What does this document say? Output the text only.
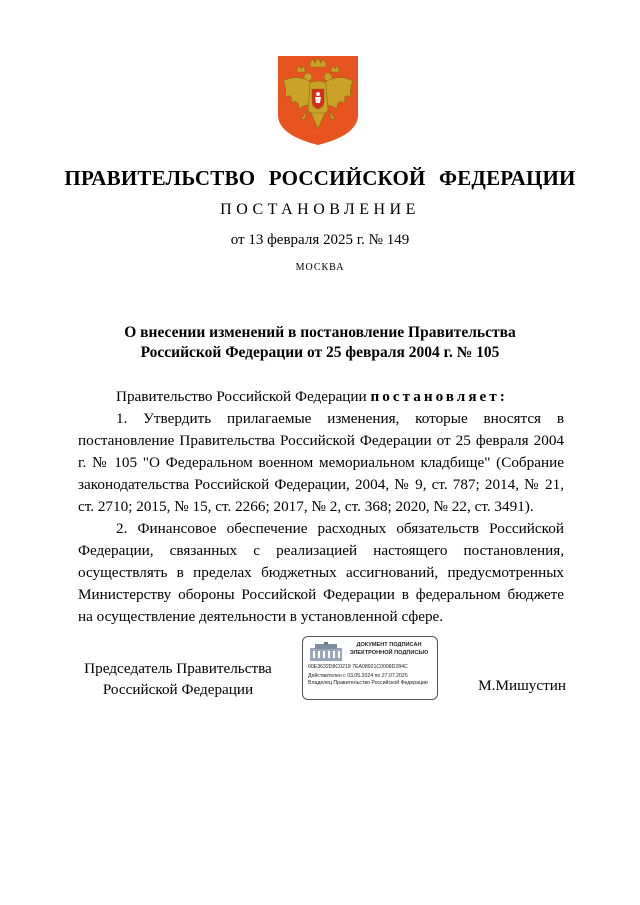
ПРАВИТЕЛЬСТВО РОССИЙСКОЙ ФЕДЕРАЦИИ
ПОСТАНОВЛЕНИЕ
от 13 февраля 2025 г. № 149
МОСКВА
О внесении изменений в постановление Правительства
Российской Федерации от 25 февраля 2004 г. № 105

Правительство Российской Федерации постановляет:

1. Утвердить прилагаемые изменения, которые вносятся в постановление Правительства Российской Федерации от 25 февраля 2004 г. № 105 "О Федеральном военном мемориальном кладбище" (Собрание законодательства Российской Федерации, 2004, № 9, ст. 787; 2014, № 21, ст. 2710; 2015, № 15, ст. 2266; 2017, № 2, ст. 368; 2020, № 22, ст. 3491).

2. Финансовое обеспечение расходных обязательств Российской Федерации, связанных с реализацией настоящего постановления, осуществлять в пределах бюджетных ассигнований, предусмотренных Министерству обороны Российской Федерации в федеральном бюджете на осуществление деятельности в установленной сфере.

Председатель Правительства
Российской Федерации
ДОКУМЕНТ ПОДПИСАН
ЭЛЕКТРОННОЙ ПОДПИСЬЮ
00E3632D8C0219 7EA08921C0008D284C
Действителен с 03.05.2024 по 27.07.2025
Владелец Правительство Российской Федерации	М.Мишустин
